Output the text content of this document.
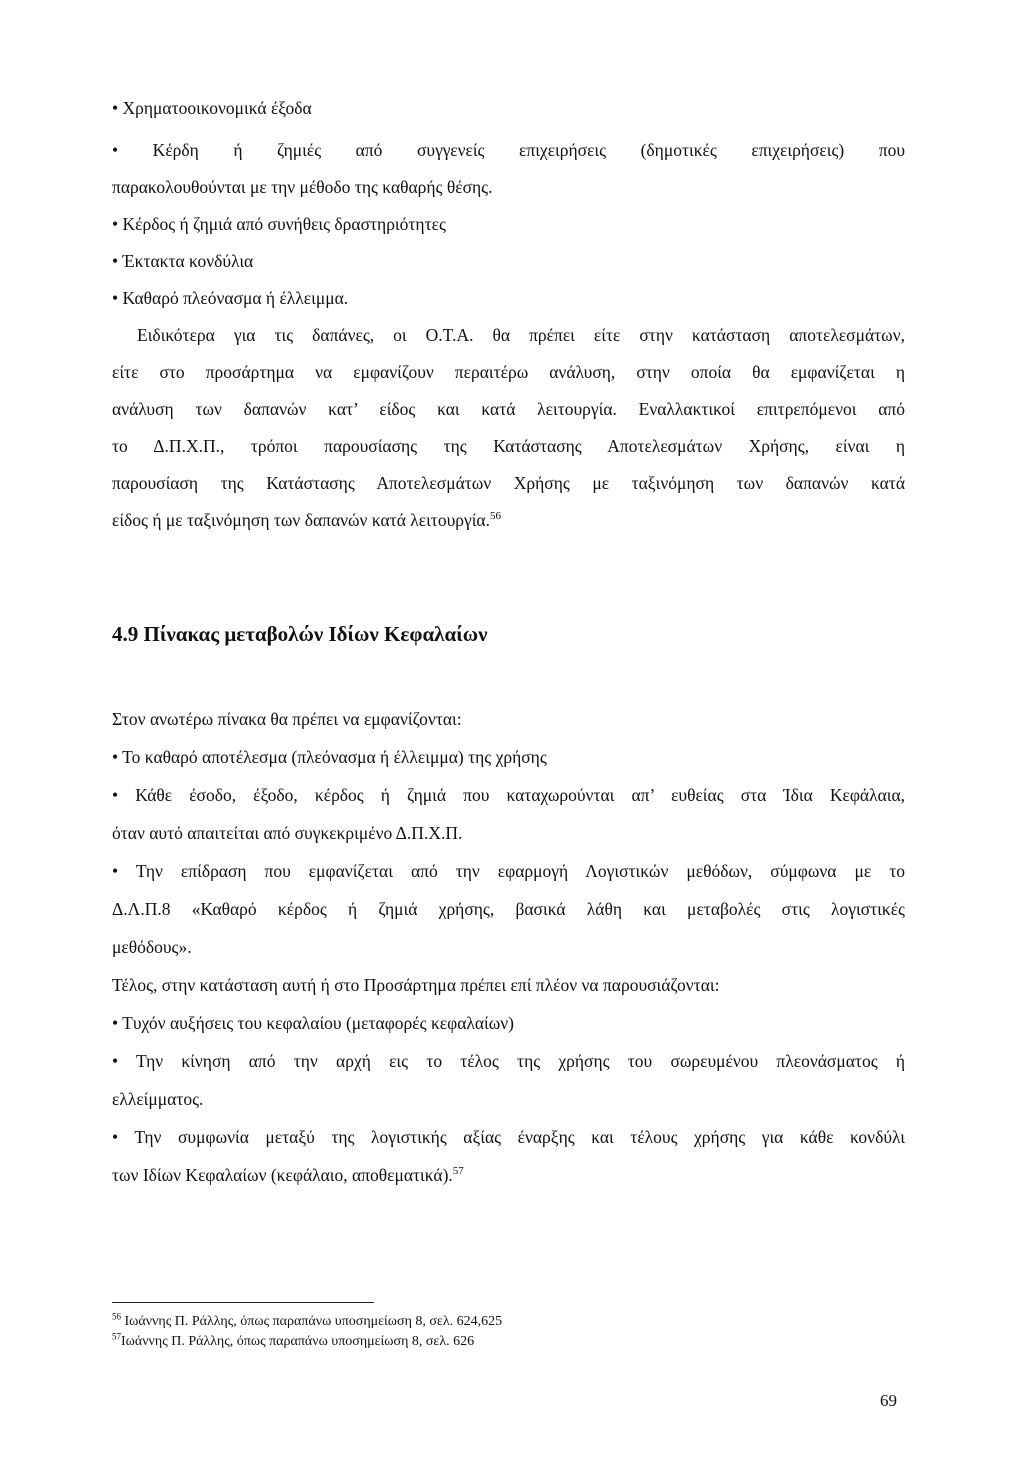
• Χρηματοοικονομικά έξοδα

• Κέρδη ή ζημιές από συγγενείς επιχειρήσεις (δημοτικές επιχειρήσεις) που

παρακολουθούνται με την μέθοδο της καθαρής θέσης.

• Κέρδος ή ζημιά από συνήθεις δραστηριότητες

• Έκτακτα κονδύλια

• Καθαρό πλεόνασμα ή έλλειμμα.

Ειδικότερα για τις δαπάνες, οι Ο.Τ.Α. θα πρέπει είτε στην κατάσταση αποτελεσμάτων,

είτε στο προσάρτημα να εμφανίζουν περαιτέρω ανάλυση, στην οποία θα εμφανίζεται η

ανάλυση των δαπανών κατ’ είδος και κατά λειτουργία. Εναλλακτικοί επιτρεπόμενοι από

το Δ.Π.Χ.Π., τρόποι παρουσίασης της Κατάστασης Αποτελεσμάτων Χρήσης, είναι η

παρουσίαση της Κατάστασης Αποτελεσμάτων Χρήσης με ταξινόμηση των δαπανών κατά

είδος ή με ταξινόμηση των δαπανών κατά λειτουργία.$^{56}$

4.9 Πίνακας μεταβολών Ιδίων Κεφαλαίων

Στον ανωτέρω πίνακα θα πρέπει να εμφανίζονται:

• Το καθαρό αποτέλεσμα (πλεόνασμα ή έλλειμμα) της χρήσης

• Κάθε έσοδο, έξοδο, κέρδος ή ζημιά που καταχωρούνται απ’ ευθείας στα Ίδια Κεφάλαια,

όταν αυτό απαιτείται από συγκεκριμένο Δ.Π.Χ.Π.

• Την επίδραση που εμφανίζεται από την εφαρμογή Λογιστικών μεθόδων, σύμφωνα με το

Δ.Λ.Π.8 «Καθαρό κέρδος ή ζημιά χρήσης, βασικά λάθη και μεταβολές στις λογιστικές

μεθόδους».

Τέλος, στην κατάσταση αυτή ή στο Προσάρτημα πρέπει επί πλέον να παρουσιάζονται:

• Τυχόν αυξήσεις του κεφαλαίου (μεταφορές κεφαλαίων)

• Την κίνηση από την αρχή εις το τέλος της χρήσης του σωρευμένου πλεονάσματος ή

ελλείμματος.

• Την συμφωνία μεταξύ της λογιστικής αξίας έναρξης και τέλους χρήσης για κάθε κονδύλι

των Ιδίων Κεφαλαίων (κεφάλαιο, αποθεματικά).$^{57}$

$^{56}$ Ιωάννης Π. Ράλλης, όπως παραπάνω υποσημείωση 8, σελ. 624,625

$^{57}$Ιωάννης Π. Ράλλης, όπως παραπάνω υποσημείωση 8, σελ. 626

69
